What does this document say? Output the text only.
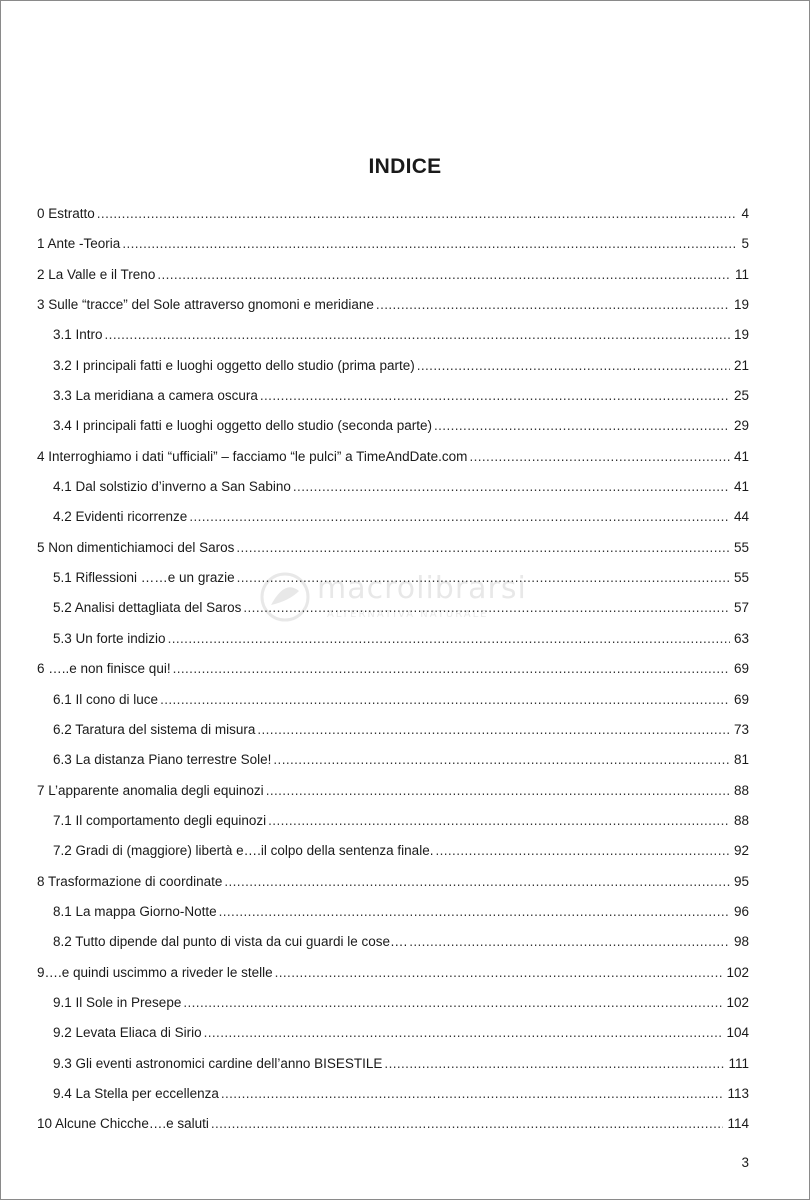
INDICE
0 Estratto .....	4
1 Ante -Teoria .....	5
2 La Valle e il Treno .....	11
3 Sulle “tracce” del Sole attraverso gnomoni e meridiane .....	19
3.1 Intro .....	19
3.2 I principali fatti e luoghi oggetto dello studio (prima parte) .....	21
3.3 La meridiana a camera oscura .....	25
3.4 I principali fatti e luoghi oggetto dello studio (seconda parte) .....	29
4 Interroghiamo i dati “ufficiali” – facciamo “le pulci” a TimeAndDate.com .....	41
4.1 Dal solstizio d’inverno a San Sabino .....	41
4.2 Evidenti ricorrenze .....	44
5 Non dimentichiamoci del Saros .....	55
5.1 Riflessioni ……e un grazie .....	55
5.2 Analisi dettagliata del Saros .....	57
5.3 Un forte indizio .....	63
6 …..e non finisce qui! .....	69
6.1 Il cono di luce .....	69
6.2 Taratura del sistema di misura .....	73
6.3 La distanza Piano terrestre Sole! .....	81
7 L’apparente anomalia degli equinozi .....	88
7.1 Il comportamento degli equinozi .....	88
7.2 Gradi di (maggiore) libertà e….il colpo della sentenza finale. .....	92
8 Trasformazione di coordinate .....	95
8.1 La mappa Giorno-Notte .....	96
8.2 Tutto dipende dal punto di vista da cui guardi le cose…. .....	98
9….e quindi uscimmo a riveder le stelle .....	102
9.1 Il Sole in Presepe .....	102
9.2 Levata Eliaca di Sirio .....	104
9.3 Gli eventi astronomici cardine dell’anno BISESTILE .....	111
9.4 La Stella per eccellenza .....	113
10 Alcune Chicche….e saluti .....	114
macrolibrarsi
ALTERNATIVA NATURALE
3
